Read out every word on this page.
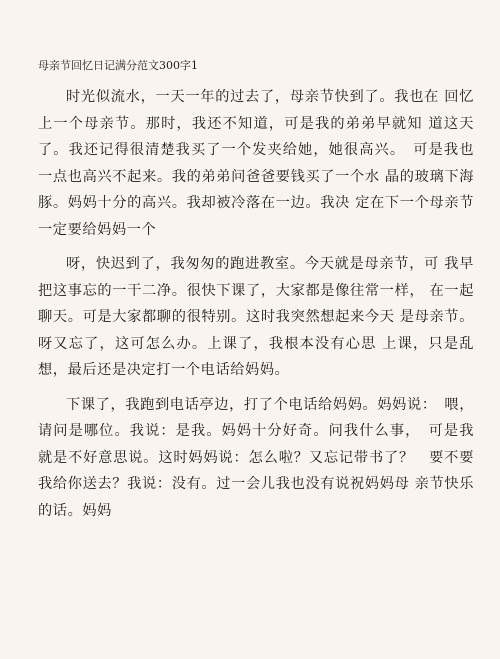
母亲节回忆日记满分范文300字1

时光似流水，一天一年的过去了，母亲节快到了。我也在 回忆上一个母亲节。那时，我还不知道，可是我的弟弟早就知 道这天了。我还记得很清楚我买了一个发夹给她，她很高兴。　可是我也一点也高兴不起来。我的弟弟问爸爸要钱买了一个水 晶的玻璃下海豚。妈妈十分的高兴。我却被冷落在一边。我决 定在下一个母亲节一定要给妈妈一个

呀，快迟到了，我匆匆的跑进教室。今天就是母亲节，可 我早把这事忘的一干二净。很快下课了，大家都是像往常一样， 在一起聊天。可是大家都聊的很特别。这时我突然想起来今天 是母亲节。呀又忘了，这可怎么办。上课了，我根本没有心思 上课，只是乱想，最后还是决定打一个电话给妈妈。

下课了，我跑到电话亭边，打了个电话给妈妈。妈妈说：　喂，请问是哪位。我说：是我。妈妈十分好奇。问我什么事，　可是我就是不好意思说。这时妈妈说：怎么啦？又忘记带书了？　要不要我给你送去？我说：没有。过一会儿我也没有说祝妈妈母 亲节快乐的话。妈妈
